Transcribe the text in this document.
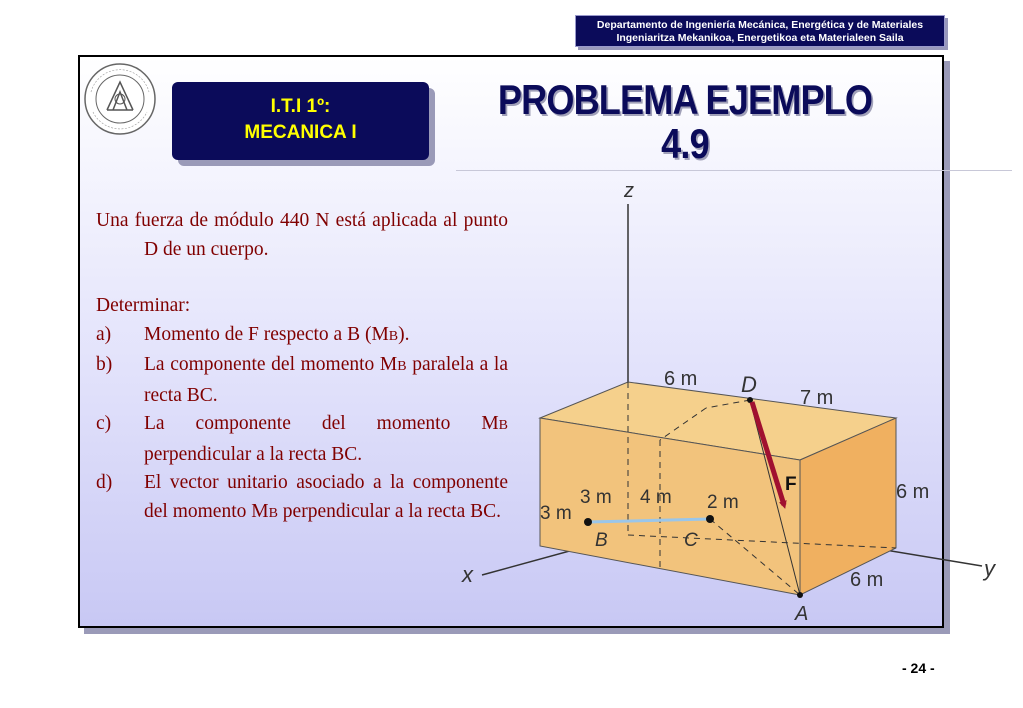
Departamento de Ingeniería Mecánica, Energética y de Materiales
Ingeniaritza Mekanikoa, Energetikoa eta Materialeen Saila
I.T.I 1º:
MECANICA I
PROBLEMA EJEMPLO
4.9

Una fuerza de módulo 440 N está aplicada al punto D de un cuerpo.

Determinar:

a)	Momento de F respecto a B (MB).
b)	La componente del momento MB paralela a la recta BC.
c)	La componente del momento MB perpendicular a la recta BC.
d)	El vector unitario asociado a la componente del momento MB perpendicular a la recta BC.
z
x	y
D
A
B	C
F
6 m
7 m
6 m
6 m
3 m
3 m
4 m 2 m
- 24 -
